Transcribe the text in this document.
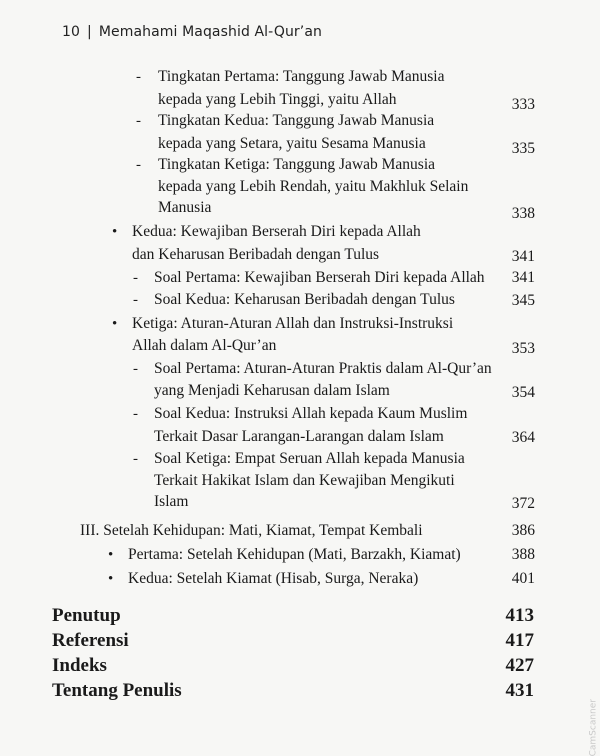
10 | Memahami Maqashid Al-Qur’an
- Tingkatan Pertama: Tanggung Jawab Manusia
kepada yang Lebih Tinggi, yaitu Allah	333
- Tingkatan Kedua: Tanggung Jawab Manusia
kepada yang Setara, yaitu Sesama Manusia	335
- Tingkatan Ketiga: Tanggung Jawab Manusia
kepada yang Lebih Rendah, yaitu Makhluk Selain
Manusia	338
• Kedua: Kewajiban Berserah Diri kepada Allah
dan Keharusan Beribadah dengan Tulus	341
- Soal Pertama: Kewajiban Berserah Diri kepada Allah 341
- Soal Kedua: Keharusan Beribadah dengan Tulus	345
• Ketiga: Aturan-Aturan Allah dan Instruksi-Instruksi
Allah dalam Al-Qur’an	353
- Soal Pertama: Aturan-Aturan Praktis dalam Al-Qur’an
yang Menjadi Keharusan dalam Islam	354
- Soal Kedua: Instruksi Allah kepada Kaum Muslim
Terkait Dasar Larangan-Larangan dalam Islam	364
- Soal Ketiga: Empat Seruan Allah kepada Manusia
Terkait Hakikat Islam dan Kewajiban Mengikuti
Islam	372
III. Setelah Kehidupan: Mati, Kiamat, Tempat Kembali	386
• Pertama: Setelah Kehidupan (Mati, Barzakh, Kiamat)	388
• Kedua: Setelah Kiamat (Hisab, Surga, Neraka)	401
Penutup	413
Referensi	417
Indeks	427
Tentang Penulis	431
CamScanner
